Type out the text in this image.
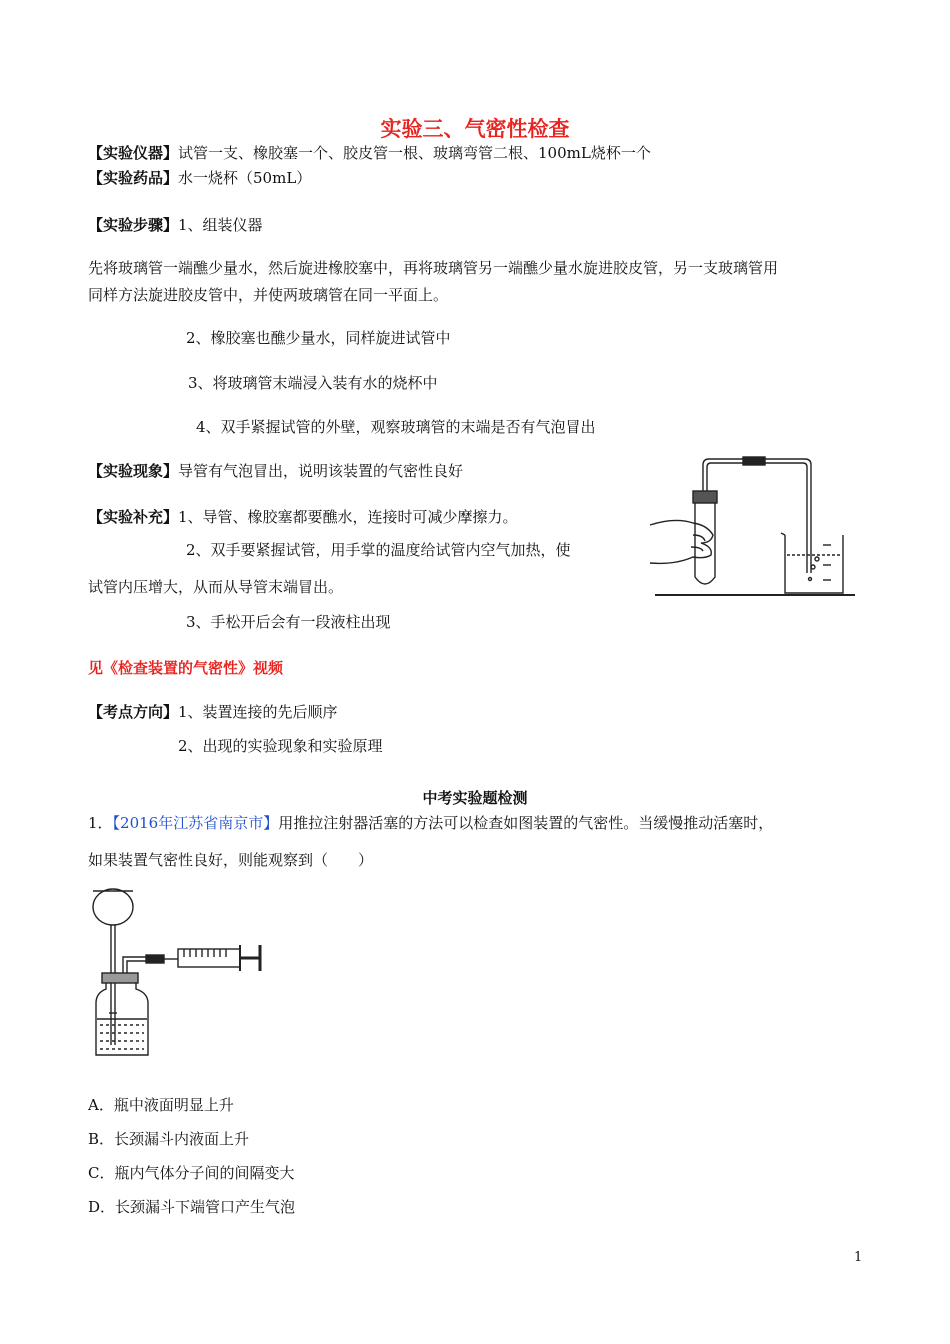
实验三、气密性检查
【实验仪器】试管一支、橡胶塞一个、胶皮管一根、玻璃弯管二根、100mL烧杯一个
【实验药品】水一烧杯（50mL）
【实验步骤】1、组装仪器
先将玻璃管一端醮少量水，然后旋进橡胶塞中，再将玻璃管另一端醮少量水旋进胶皮管，另一支玻璃管用
同样方法旋进胶皮管中，并使两玻璃管在同一平面上。
2、橡胶塞也醮少量水，同样旋进试管中
3、将玻璃管末端浸入装有水的烧杯中
4、双手紧握试管的外壁，观察玻璃管的末端是否有气泡冒出
【实验现象】导管有气泡冒出，说明该装置的气密性良好
【实验补充】1、导管、橡胶塞都要醮水，连接时可减少摩擦力。
2、双手要紧握试管，用手掌的温度给试管内空气加热，使
试管内压增大，从而从导管末端冒出。
3、手松开后会有一段液柱出现
见《检查装置的气密性》视频
【考点方向】1、装置连接的先后顺序
2、出现的实验现象和实验原理
中考实验题检测
1．【2016年江苏省南京市】用推拉注射器活塞的方法可以检查如图装置的气密性。当缓慢推动活塞时，
如果装置气密性良好，则能观察到（　　）
A．瓶中液面明显上升
B．长颈漏斗内液面上升
C．瓶内气体分子间的间隔变大
D．长颈漏斗下端管口产生气泡
1
